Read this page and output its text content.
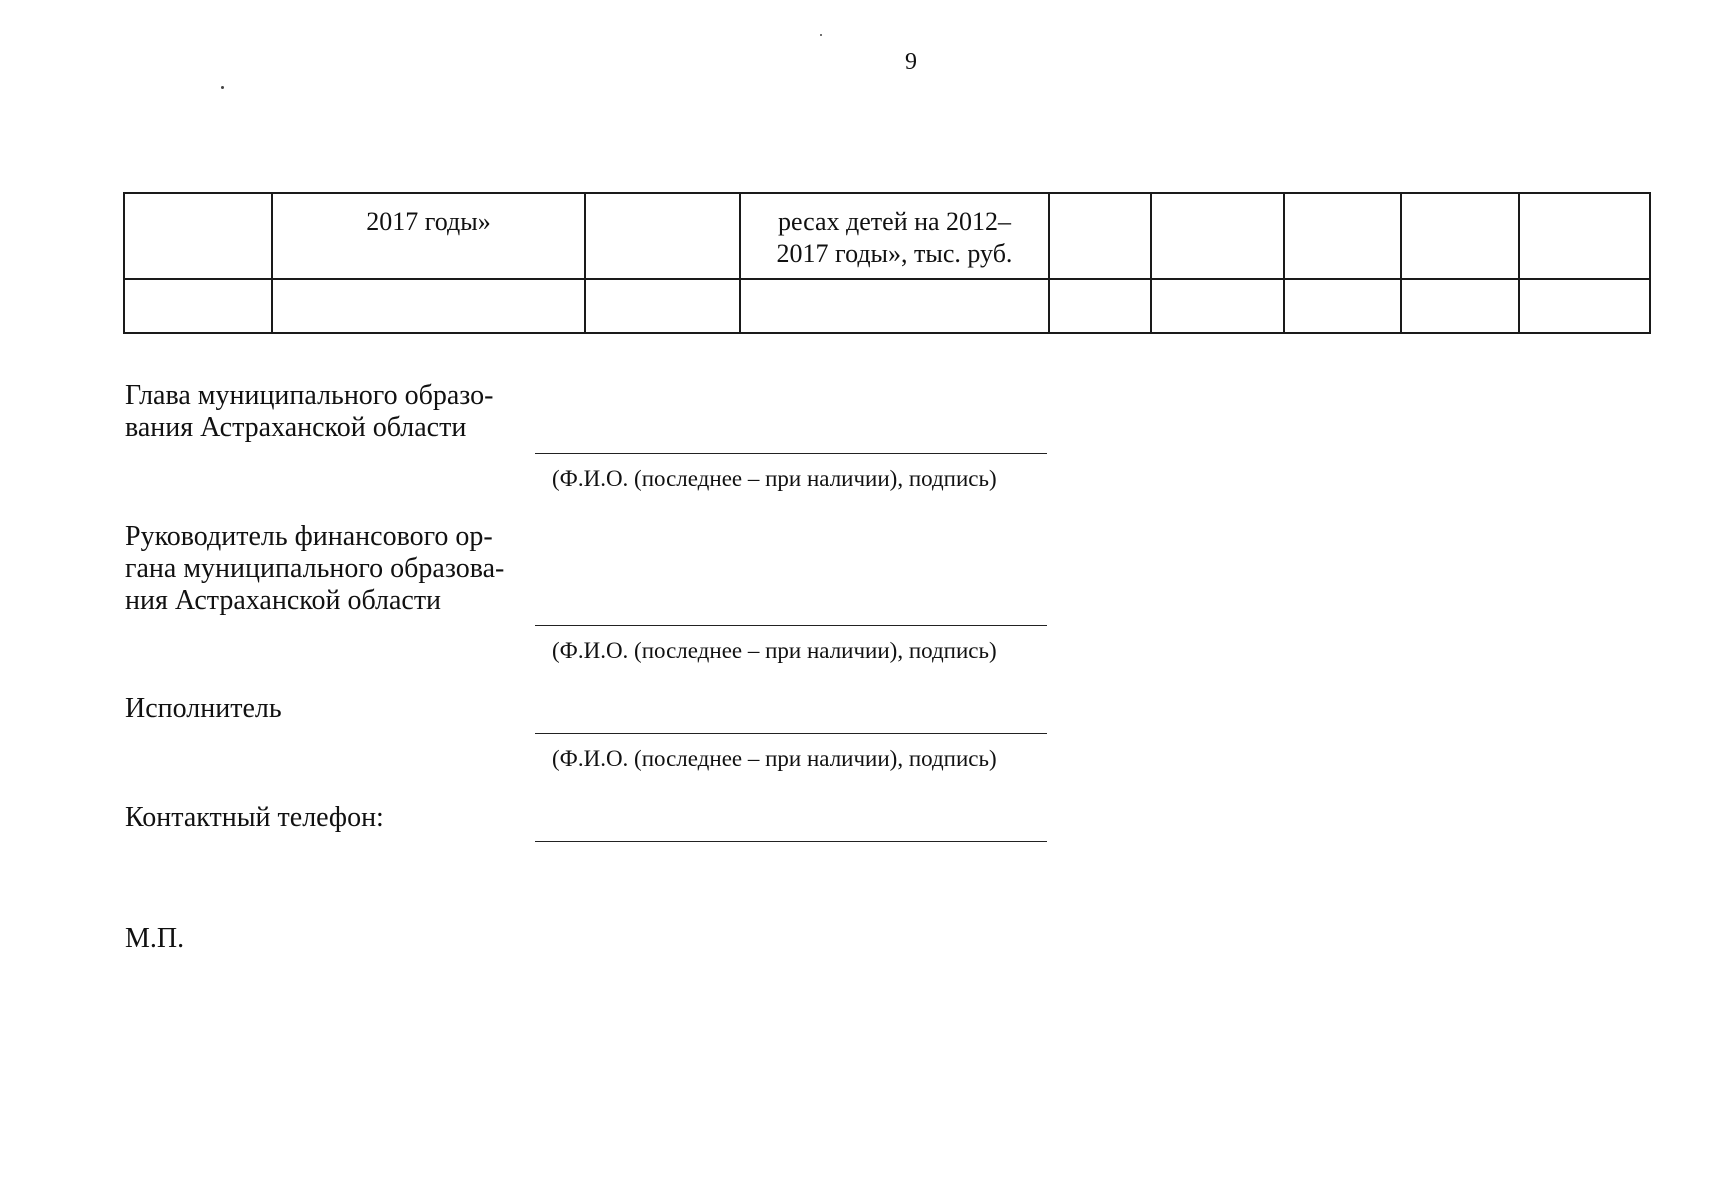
9

	2017 годы»		ресах детей на 2012–
2017 годы», тыс. руб.					

Глава муниципального образо-
вания Астраханской области
(Ф.И.О. (последнее – при наличии), подпись)
Руководитель финансового ор-
гана муниципального образова-
ния Астраханской области
(Ф.И.О. (последнее – при наличии), подпись)
Исполнитель
(Ф.И.О. (последнее – при наличии), подпись)
Контактный телефон:
М.П.
